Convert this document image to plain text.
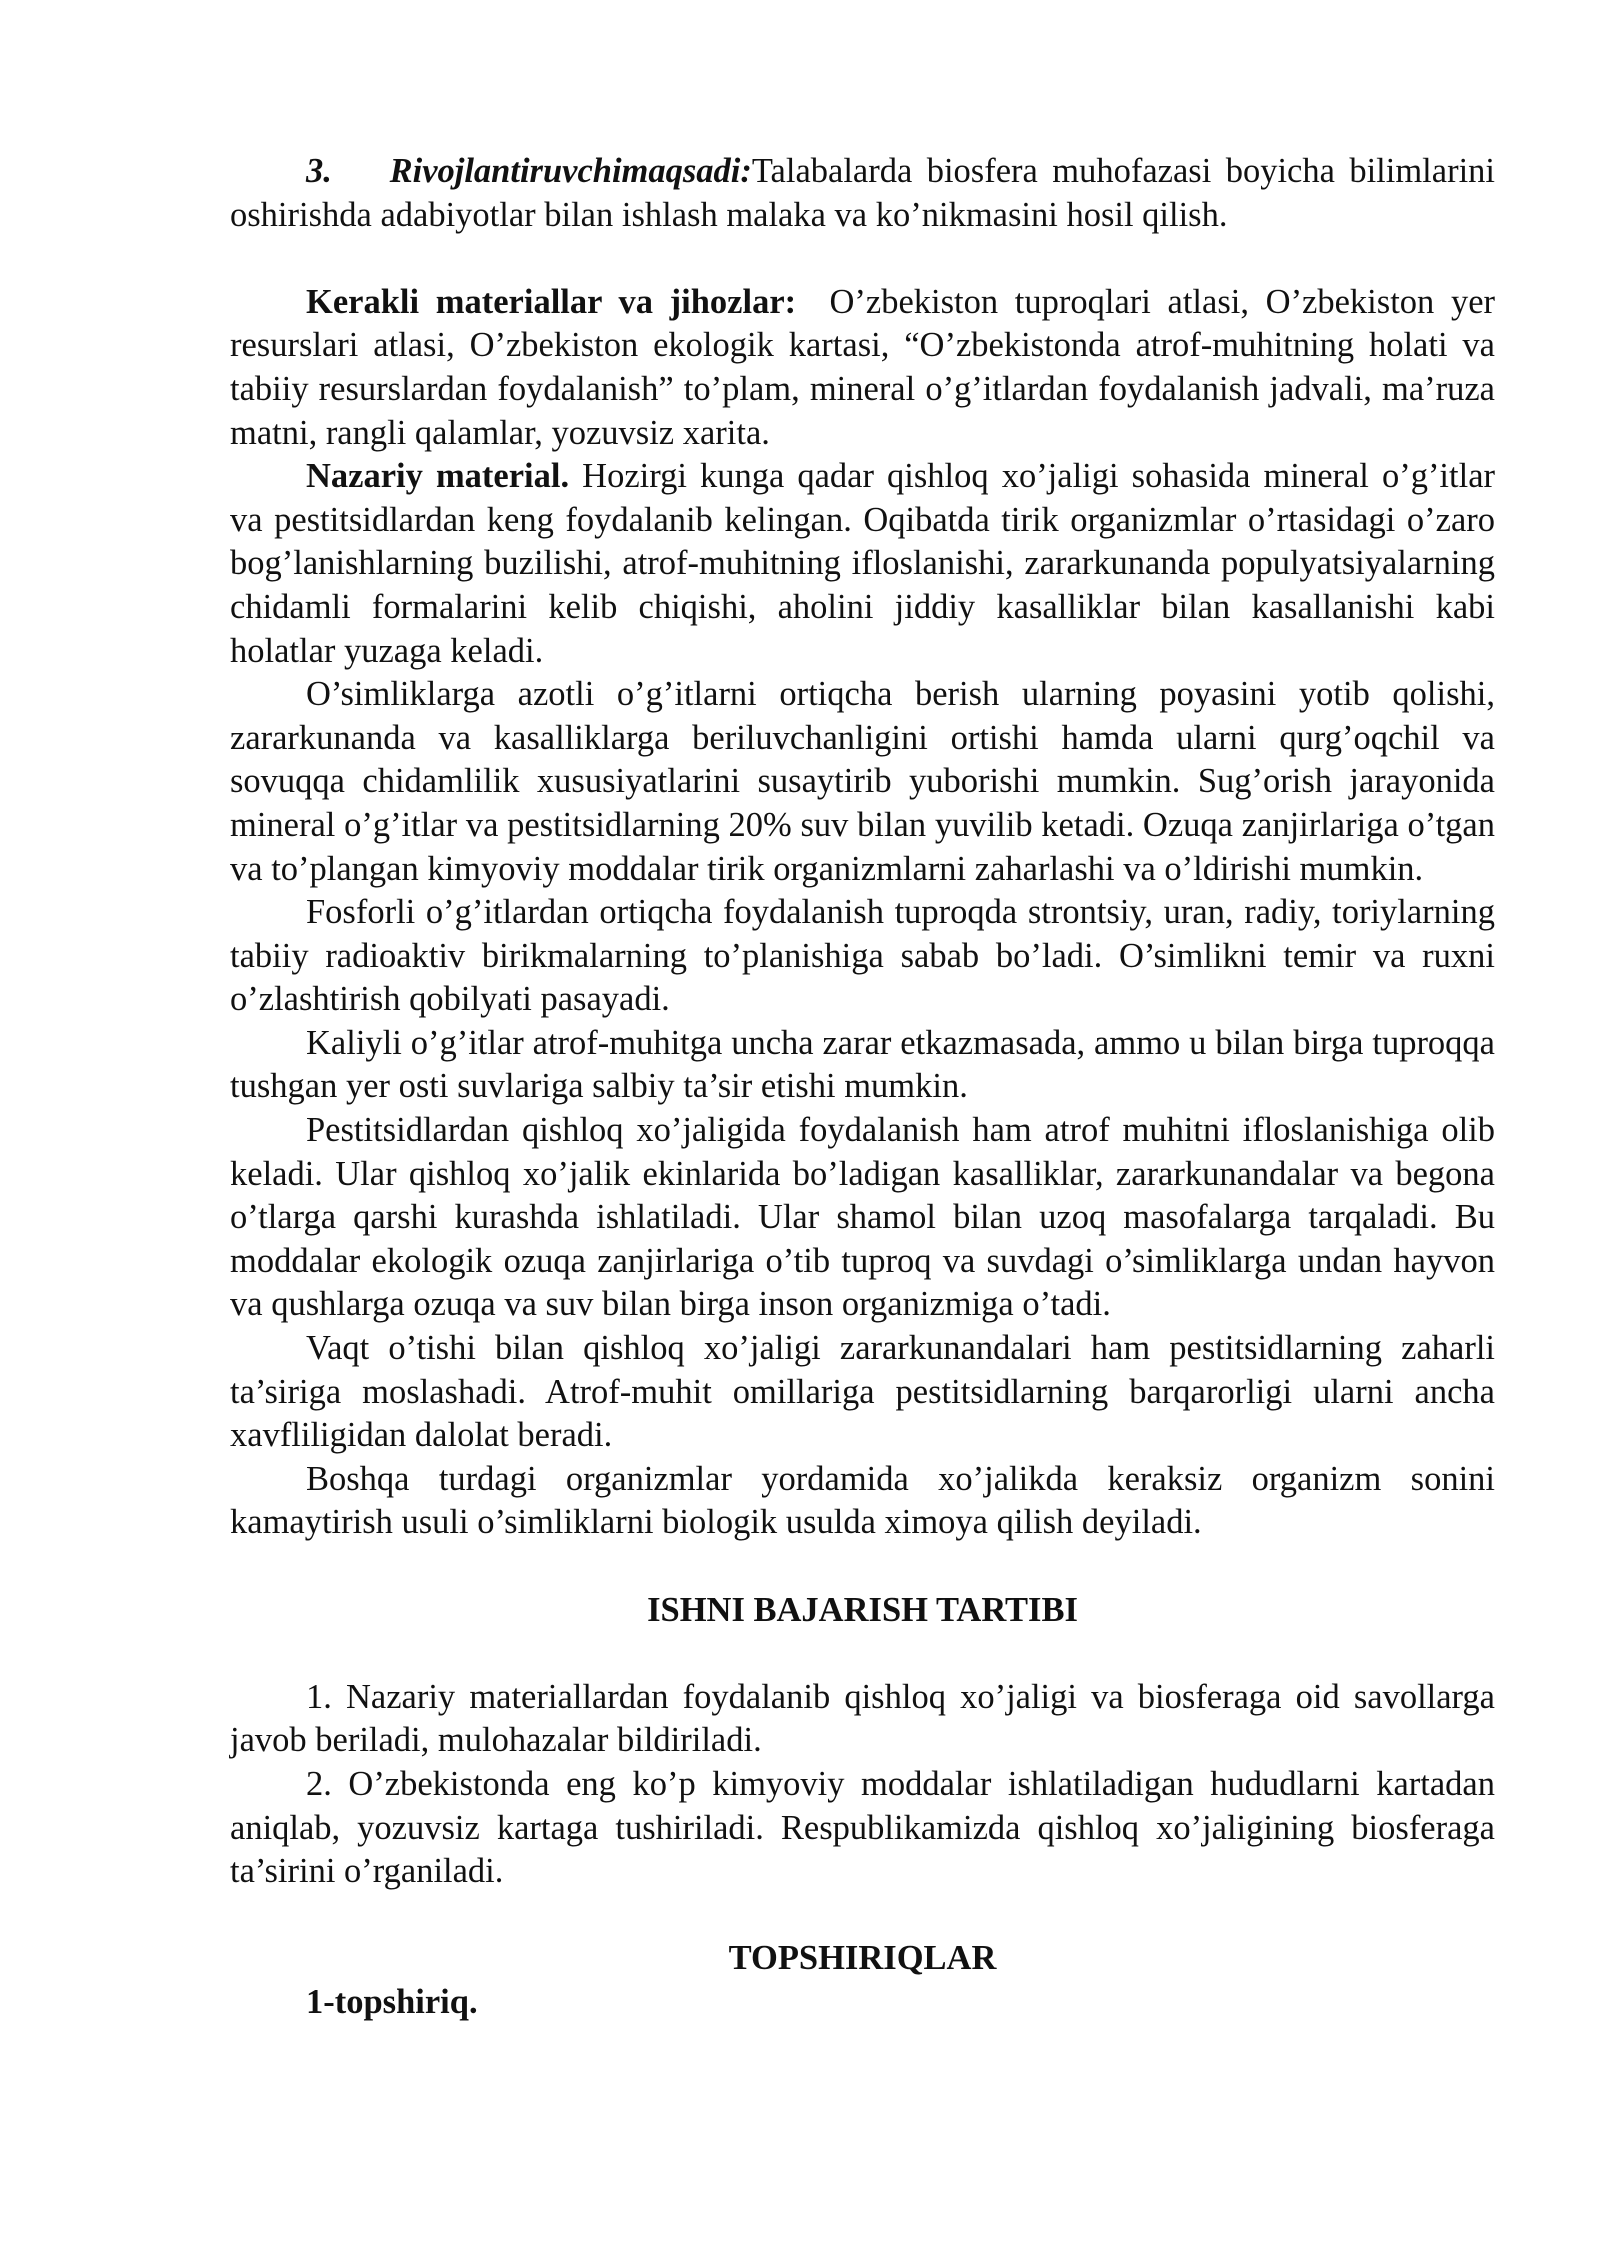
3. Rivojlantiruvchimaqsadi:Talabalarda biosfera muhofazasi boyicha bilimlarini oshirishda adabiyotlar bilan ishlash malaka va ko’nikmasini hosil qilish.

Kerakli materiallar va jihozlar: O’zbekiston tuproqlari atlasi, O’zbekiston yer resurslari atlasi, O’zbekiston ekologik kartasi, “O’zbekistonda atrof-muhitning holati va tabiiy resurslardan foydalanish” to’plam, mineral o’g’itlardan foydalanish jadvali, ma’ruza matni, rangli qalamlar, yozuvsiz xarita.

Nazariy material. Hozirgi kunga qadar qishloq xo’jaligi sohasida mineral o’g’itlar va pestitsidlardan keng foydalanib kelingan. Oqibatda tirik organizmlar o’rtasidagi o’zaro bog’lanishlarning buzilishi, atrof-muhitning ifloslanishi, zararkunanda populyatsiyalarning chidamli formalarini kelib chiqishi, aholini jiddiy kasalliklar bilan kasallanishi kabi holatlar yuzaga keladi.

O’simliklarga azotli o’g’itlarni ortiqcha berish ularning poyasini yotib qolishi, zararkunanda va kasalliklarga beriluvchanligini ortishi hamda ularni qurg’oqchil va sovuqqa chidamlilik xususiyatlarini susaytirib yuborishi mumkin. Sug’orish jarayonida mineral o’g’itlar va pestitsidlarning 20% suv bilan yuvilib ketadi. Ozuqa zanjirlariga o’tgan va to’plangan kimyoviy moddalar tirik organizmlarni zaharlashi va o’ldirishi mumkin.

Fosforli o’g’itlardan ortiqcha foydalanish tuproqda strontsiy, uran, radiy, toriylarning tabiiy radioaktiv birikmalarning to’planishiga sabab bo’ladi. O’simlikni temir va ruxni o’zlashtirish qobilyati pasayadi.

Kaliyli o’g’itlar atrof-muhitga uncha zarar etkazmasada, ammo u bilan birga tuproqqa tushgan yer osti suvlariga salbiy ta’sir etishi mumkin.

Pestitsidlardan qishloq xo’jaligida foydalanish ham atrof muhitni ifloslanishiga olib keladi. Ular qishloq xo’jalik ekinlarida bo’ladigan kasalliklar, zararkunandalar va begona o’tlarga qarshi kurashda ishlatiladi. Ular shamol bilan uzoq masofalarga tarqaladi. Bu moddalar ekologik ozuqa zanjirlariga o’tib tuproq va suvdagi o’simliklarga undan hayvon va qushlarga ozuqa va suv bilan birga inson organizmiga o’tadi.

Vaqt o’tishi bilan qishloq xo’jaligi zararkunandalari ham pestitsidlarning zaharli ta’siriga moslashadi. Atrof-muhit omillariga pestitsidlarning barqarorligi ularni ancha xavfliligidan dalolat beradi.

Boshqa turdagi organizmlar yordamida xo’jalikda keraksiz organizm sonini kamaytirish usuli o’simliklarni biologik usulda ximoya qilish deyiladi.

ISHNI BAJARISH TARTIBI

1. Nazariy materiallardan foydalanib qishloq xo’jaligi va biosferaga oid savollarga javob beriladi, mulohazalar bildiriladi.

2. O’zbekistonda eng ko’p kimyoviy moddalar ishlatiladigan hududlarni kartadan aniqlab, yozuvsiz kartaga tushiriladi. Respublikamizda qishloq xo’jaligining biosferaga ta’sirini o’rganiladi.

TOPSHIRIQLAR

1-topshiriq.
